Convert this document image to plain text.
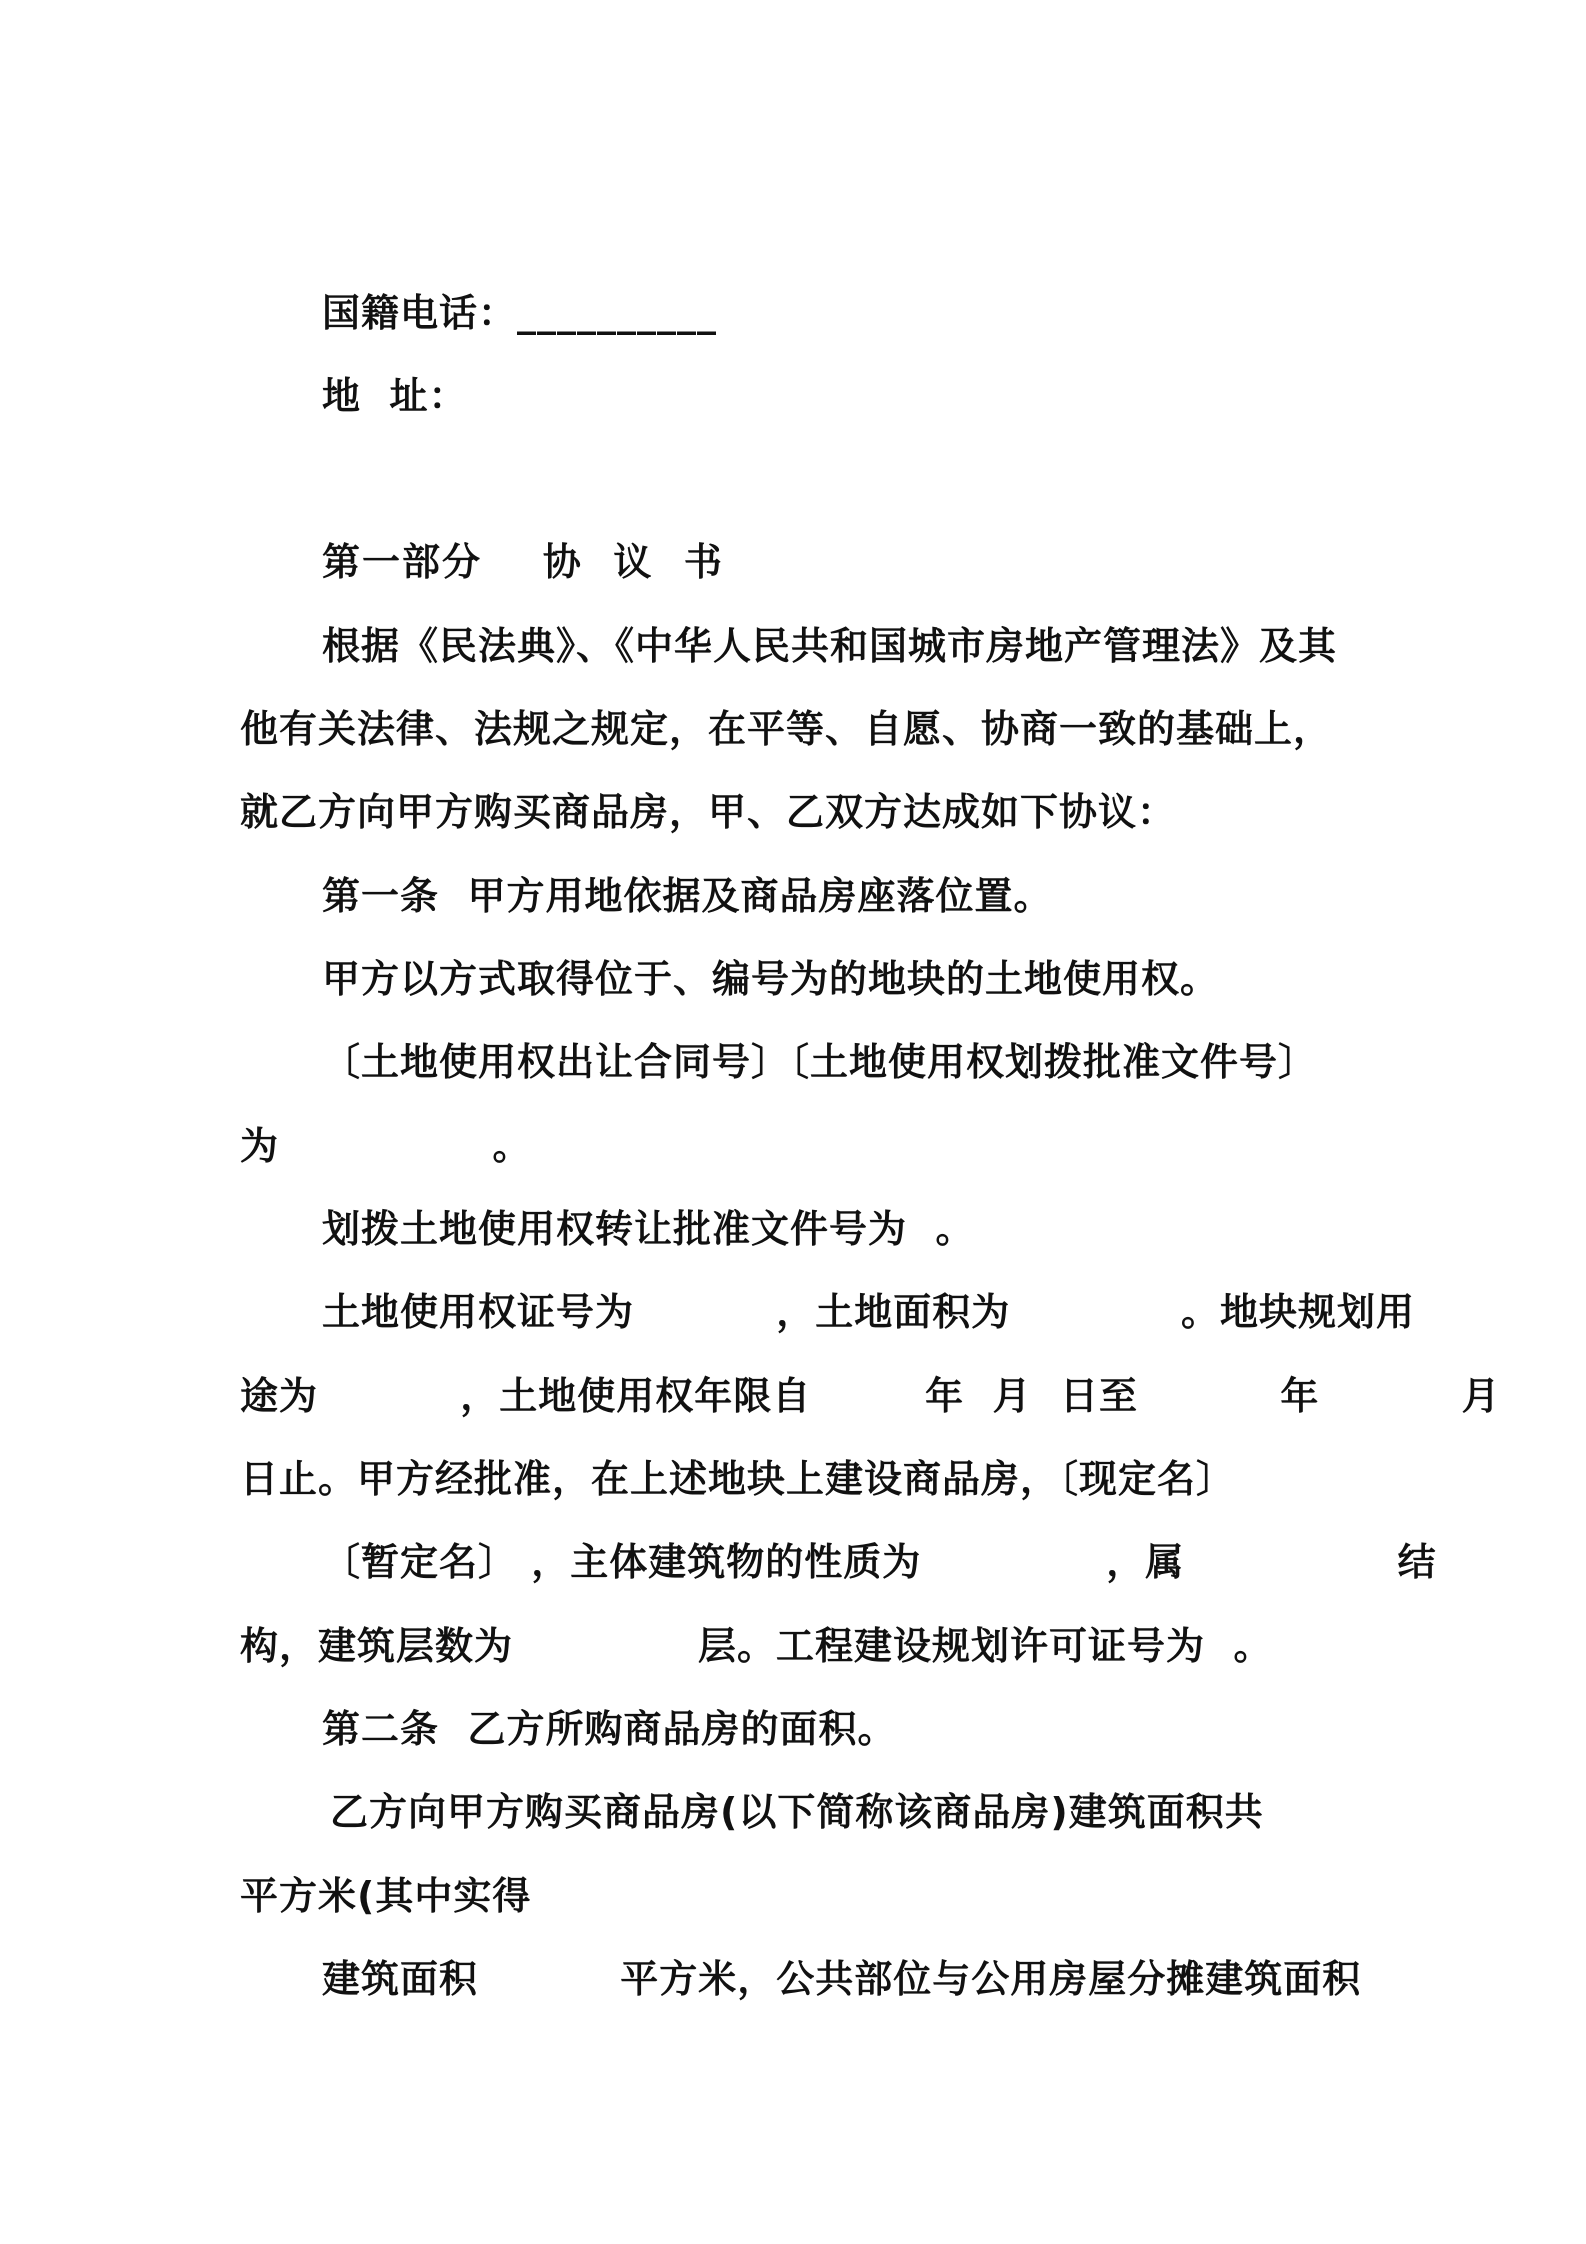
国籍电话：__________
地  址：
第一部分    协  议  书
根据《民法典》、《中华人民共和国城市房地产管理法》及其
他有关法律、法规之规定，在平等、自愿、协商一致的基础上，
就乙方向甲方购买商品房，甲、乙双方达成如下协议：
第一条  甲方用地依据及商品房座落位置。
甲方以方式取得位于、编号为的地块的土地使用权。
〔土地使用权出让合同号〕〔土地使用权划拨批准文件号〕
为               。
划拨土地使用权转让批准文件号为  。
土地使用权证号为          ，土地面积为            。地块规划用
途为          ，土地使用权年限自        年  月  日至          年          月
日止。甲方经批准，在上述地块上建设商品房，〔现定名〕
〔暂定名〕 ，主体建筑物的性质为             ，属               结
构，建筑层数为             层。工程建设规划许可证号为  。
第二条  乙方所购商品房的面积。
乙方向甲方购买商品房(以下简称该商品房)建筑面积共
平方米(其中实得
建筑面积          平方米，公共部位与公用房屋分摊建筑面积
